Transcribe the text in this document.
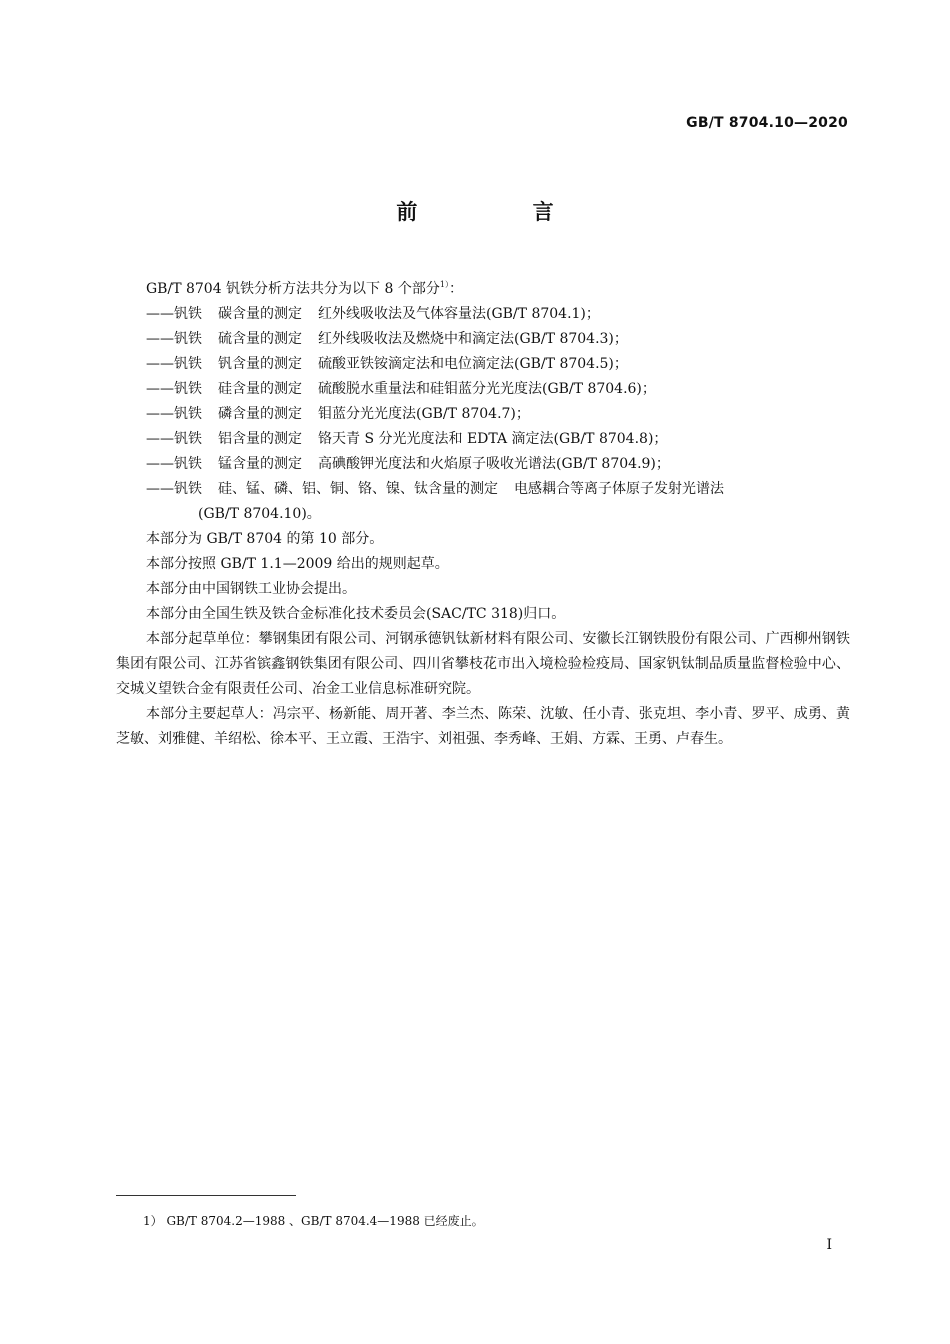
GB/T 8704.10—2020
前 言
GB/T 8704 钒铁分析方法共分为以下 8 个部分$^{1)}$：
——钒铁 碳含量的测定 红外线吸收法及气体容量法(GB/T 8704.1)；
——钒铁 硫含量的测定 红外线吸收法及燃烧中和滴定法(GB/T 8704.3)；
——钒铁 钒含量的测定 硫酸亚铁铵滴定法和电位滴定法(GB/T 8704.5)；
——钒铁 硅含量的测定 硫酸脱水重量法和硅钼蓝分光光度法(GB/T 8704.6)；
——钒铁 磷含量的测定 钼蓝分光光度法(GB/T 8704.7)；
——钒铁 铝含量的测定 铬天青 S 分光光度法和 EDTA 滴定法(GB/T 8704.8)；
——钒铁 锰含量的测定 高碘酸钾光度法和火焰原子吸收光谱法(GB/T 8704.9)；
——钒铁 硅、锰、磷、铝、铜、铬、镍、钛含量的测定 电感耦合等离子体原子发射光谱法
(GB/T 8704.10)。
本部分为 GB/T 8704 的第 10 部分。
本部分按照 GB/T 1.1—2009 给出的规则起草。
本部分由中国钢铁工业协会提出。
本部分由全国生铁及铁合金标准化技术委员会(SAC/TC 318)归口。
本部分起草单位：攀钢集团有限公司、河钢承德钒钛新材料有限公司、安徽长江钢铁股份有限公司、广西柳州钢铁集团有限公司、江苏省镔鑫钢铁集团有限公司、四川省攀枝花市出入境检验检疫局、国家钒钛制品质量监督检验中心、交城义望铁合金有限责任公司、冶金工业信息标准研究院。
本部分主要起草人：冯宗平、杨新能、周开著、李兰杰、陈荣、沈敏、任小青、张克坦、李小青、罗平、成勇、黄芝敏、刘雅健、羊绍松、徐本平、王立霞、王浩宇、刘祖强、李秀峰、王娟、方霖、王勇、卢春生。
1） GB/T 8704.2—1988 、GB/T 8704.4—1988 已经废止。
I
